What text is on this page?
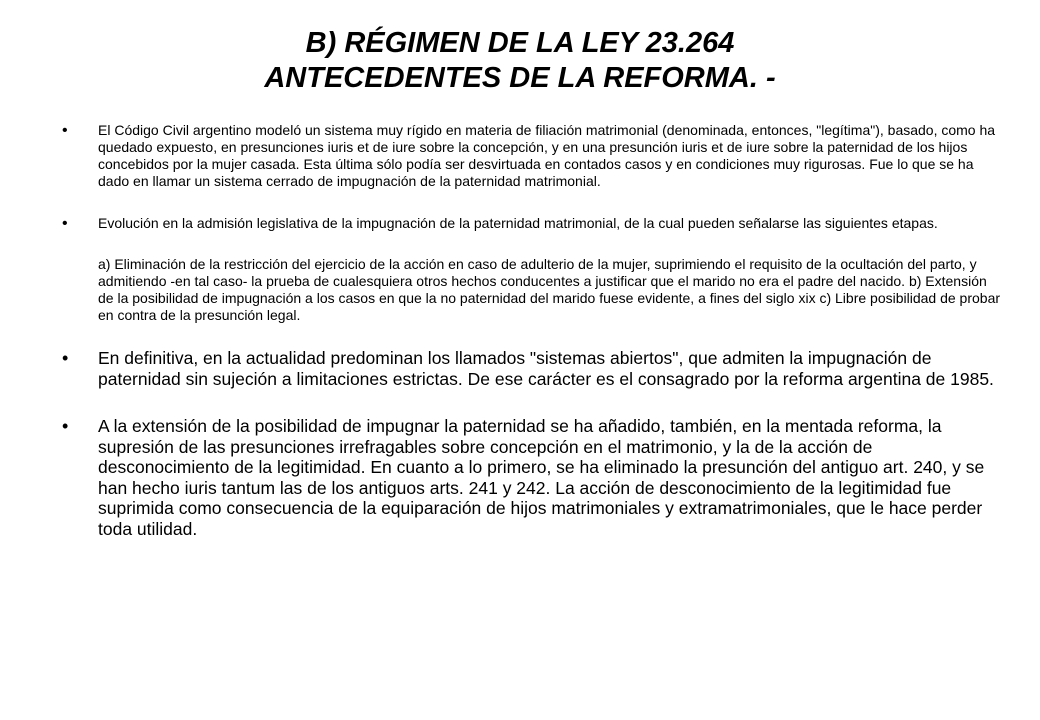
B) RÉGIMEN DE LA LEY 23.264
ANTECEDENTES DE LA REFORMA. -
• El Código Civil argentino modeló un sistema muy rígido en materia de filiación matrimonial (denominada, entonces, "legítima"), basado, como ha quedado expuesto, en presunciones iuris et de iure sobre la concepción, y en una presunción iuris et de iure sobre la paternidad de los hijos concebidos por la mujer casada. Esta última sólo podía ser desvirtuada en contados casos y en condiciones muy rigurosas. Fue lo que se ha dado en llamar un sistema cerrado de impugnación de la paternidad matrimonial.
• Evolución en la admisión legislativa de la impugnación de la paternidad matrimonial, de la cual pueden señalarse las siguientes etapas.
a) Eliminación de la restricción del ejercicio de la acción en caso de adulterio de la mujer, suprimiendo el requisito de la ocultación del parto, y admitiendo -en tal caso- la prueba de cualesquiera otros hechos conducentes a justificar que el marido no era el padre del nacido. b) Extensión de la posibilidad de impugnación a los casos en que la no paternidad del marido fuese evidente, a fines del siglo xix c) Libre posibilidad de probar en contra de la presunción legal.
• En definitiva, en la actualidad predominan los llamados "sistemas abiertos", que admiten la impugnación de paternidad sin sujeción a limitaciones estrictas. De ese carácter es el consagrado por la reforma argentina de 1985.
• A la extensión de la posibilidad de impugnar la paternidad se ha añadido, también, en la mentada reforma, la supresión de las presunciones irrefragables sobre concepción en el matrimonio, y la de la acción de desconocimiento de la legitimidad. En cuanto a lo primero, se ha eliminado la presunción del antiguo art. 240, y se han hecho iuris tantum las de los antiguos arts. 241 y 242. La acción de desconocimiento de la legitimidad fue suprimida como consecuencia de la equiparación de hijos matrimoniales y extramatrimoniales, que le hace perder toda utilidad.
